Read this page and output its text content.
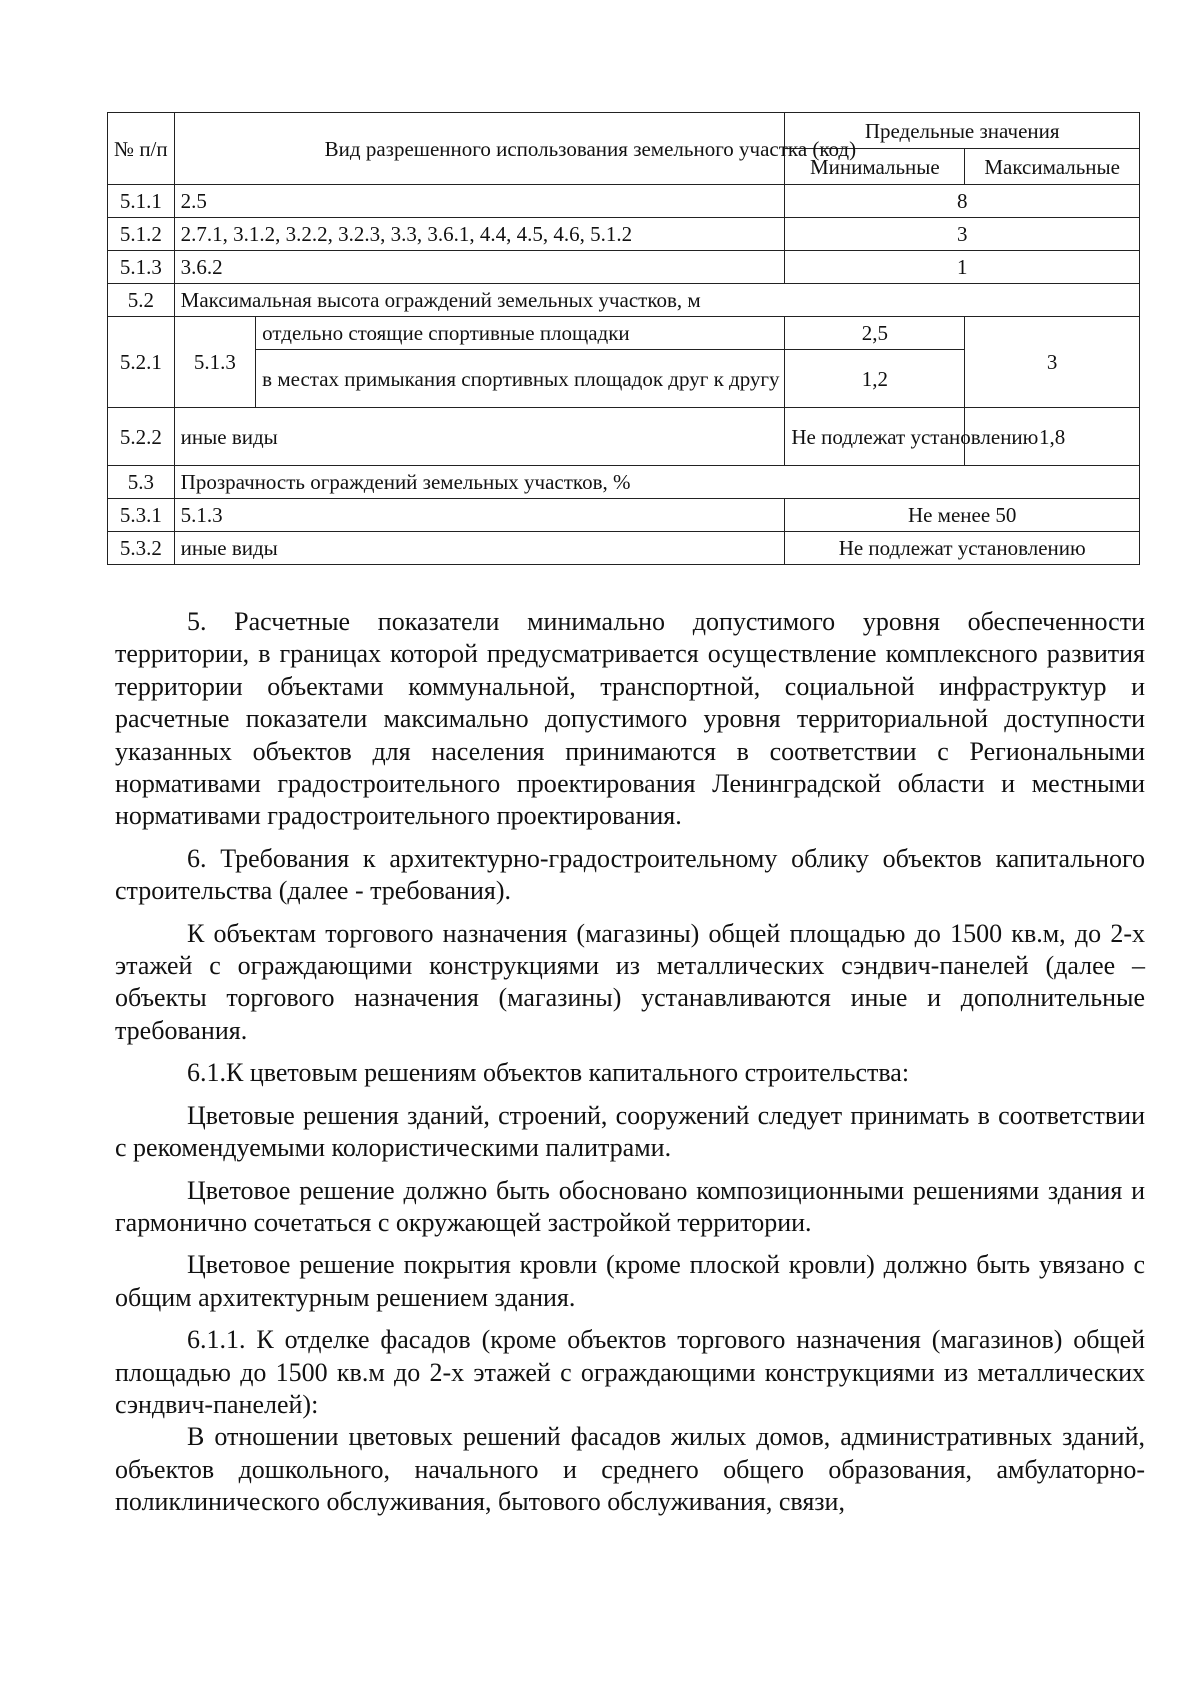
№ п/п	Вид разрешенного использования земельного участка (код)		Предельные значения	
			Минимальные	Максимальные
5.1.1	2.5		8	
5.1.2	2.7.1, 3.1.2, 3.2.2, 3.2.3, 3.3, 3.6.1, 4.4, 4.5, 4.6, 5.1.2		3	
5.1.3	3.6.2		1	
5.2	Максимальная высота ограждений земельных участков, м			
5.2.1	5.1.3	отдельно стоящие спортивные площадки	2,5	3
		в местах примыкания спортивных площадок друг к другу	1,2	
5.2.2	иные виды		Не подлежат установлению	1,8
5.3	Прозрачность ограждений земельных участков, %			
5.3.1	5.1.3		Не менее 50	
5.3.2	иные виды		Не подлежат установлению	

5. Расчетные показатели минимально допустимого уровня обеспеченности территории, в границах которой предусматривается осуществление комплексного развития территории объектами коммунальной, транспортной, социальной инфраструктур и расчетные показатели максимально допустимого уровня территориальной доступности указанных объектов для населения принимаются в соответствии с Региональными нормативами градостроительного проектирования Ленинградской области и местными нормативами градостроительного проектирования.

6. Требования к архитектурно-градостроительному облику объектов капитального строительства (далее - требования).

К объектам торгового назначения (магазины) общей площадью до 1500 кв.м, до 2-х этажей с ограждающими конструкциями из металлических сэндвич-панелей (далее – объекты торгового назначения (магазины) устанавливаются иные и дополнительные требования.

6.1.К цветовым решениям объектов капитального строительства:

Цветовые решения зданий, строений, сооружений следует принимать в соответствии с рекомендуемыми колористическими палитрами.

Цветовое решение должно быть обосновано композиционными решениями здания и гармонично сочетаться с окружающей застройкой территории.

Цветовое решение покрытия кровли (кроме плоской кровли) должно быть увязано с общим архитектурным решением здания.

6.1.1. К отделке фасадов (кроме объектов торгового назначения (магазинов) общей площадью до 1500 кв.м до 2-х этажей с ограждающими конструкциями из металлических сэндвич-панелей):

В отношении цветовых решений фасадов жилых домов, административных зданий, объектов дошкольного, начального и среднего общего образования, амбулаторно-поликлинического обслуживания, бытового обслуживания, связи,
